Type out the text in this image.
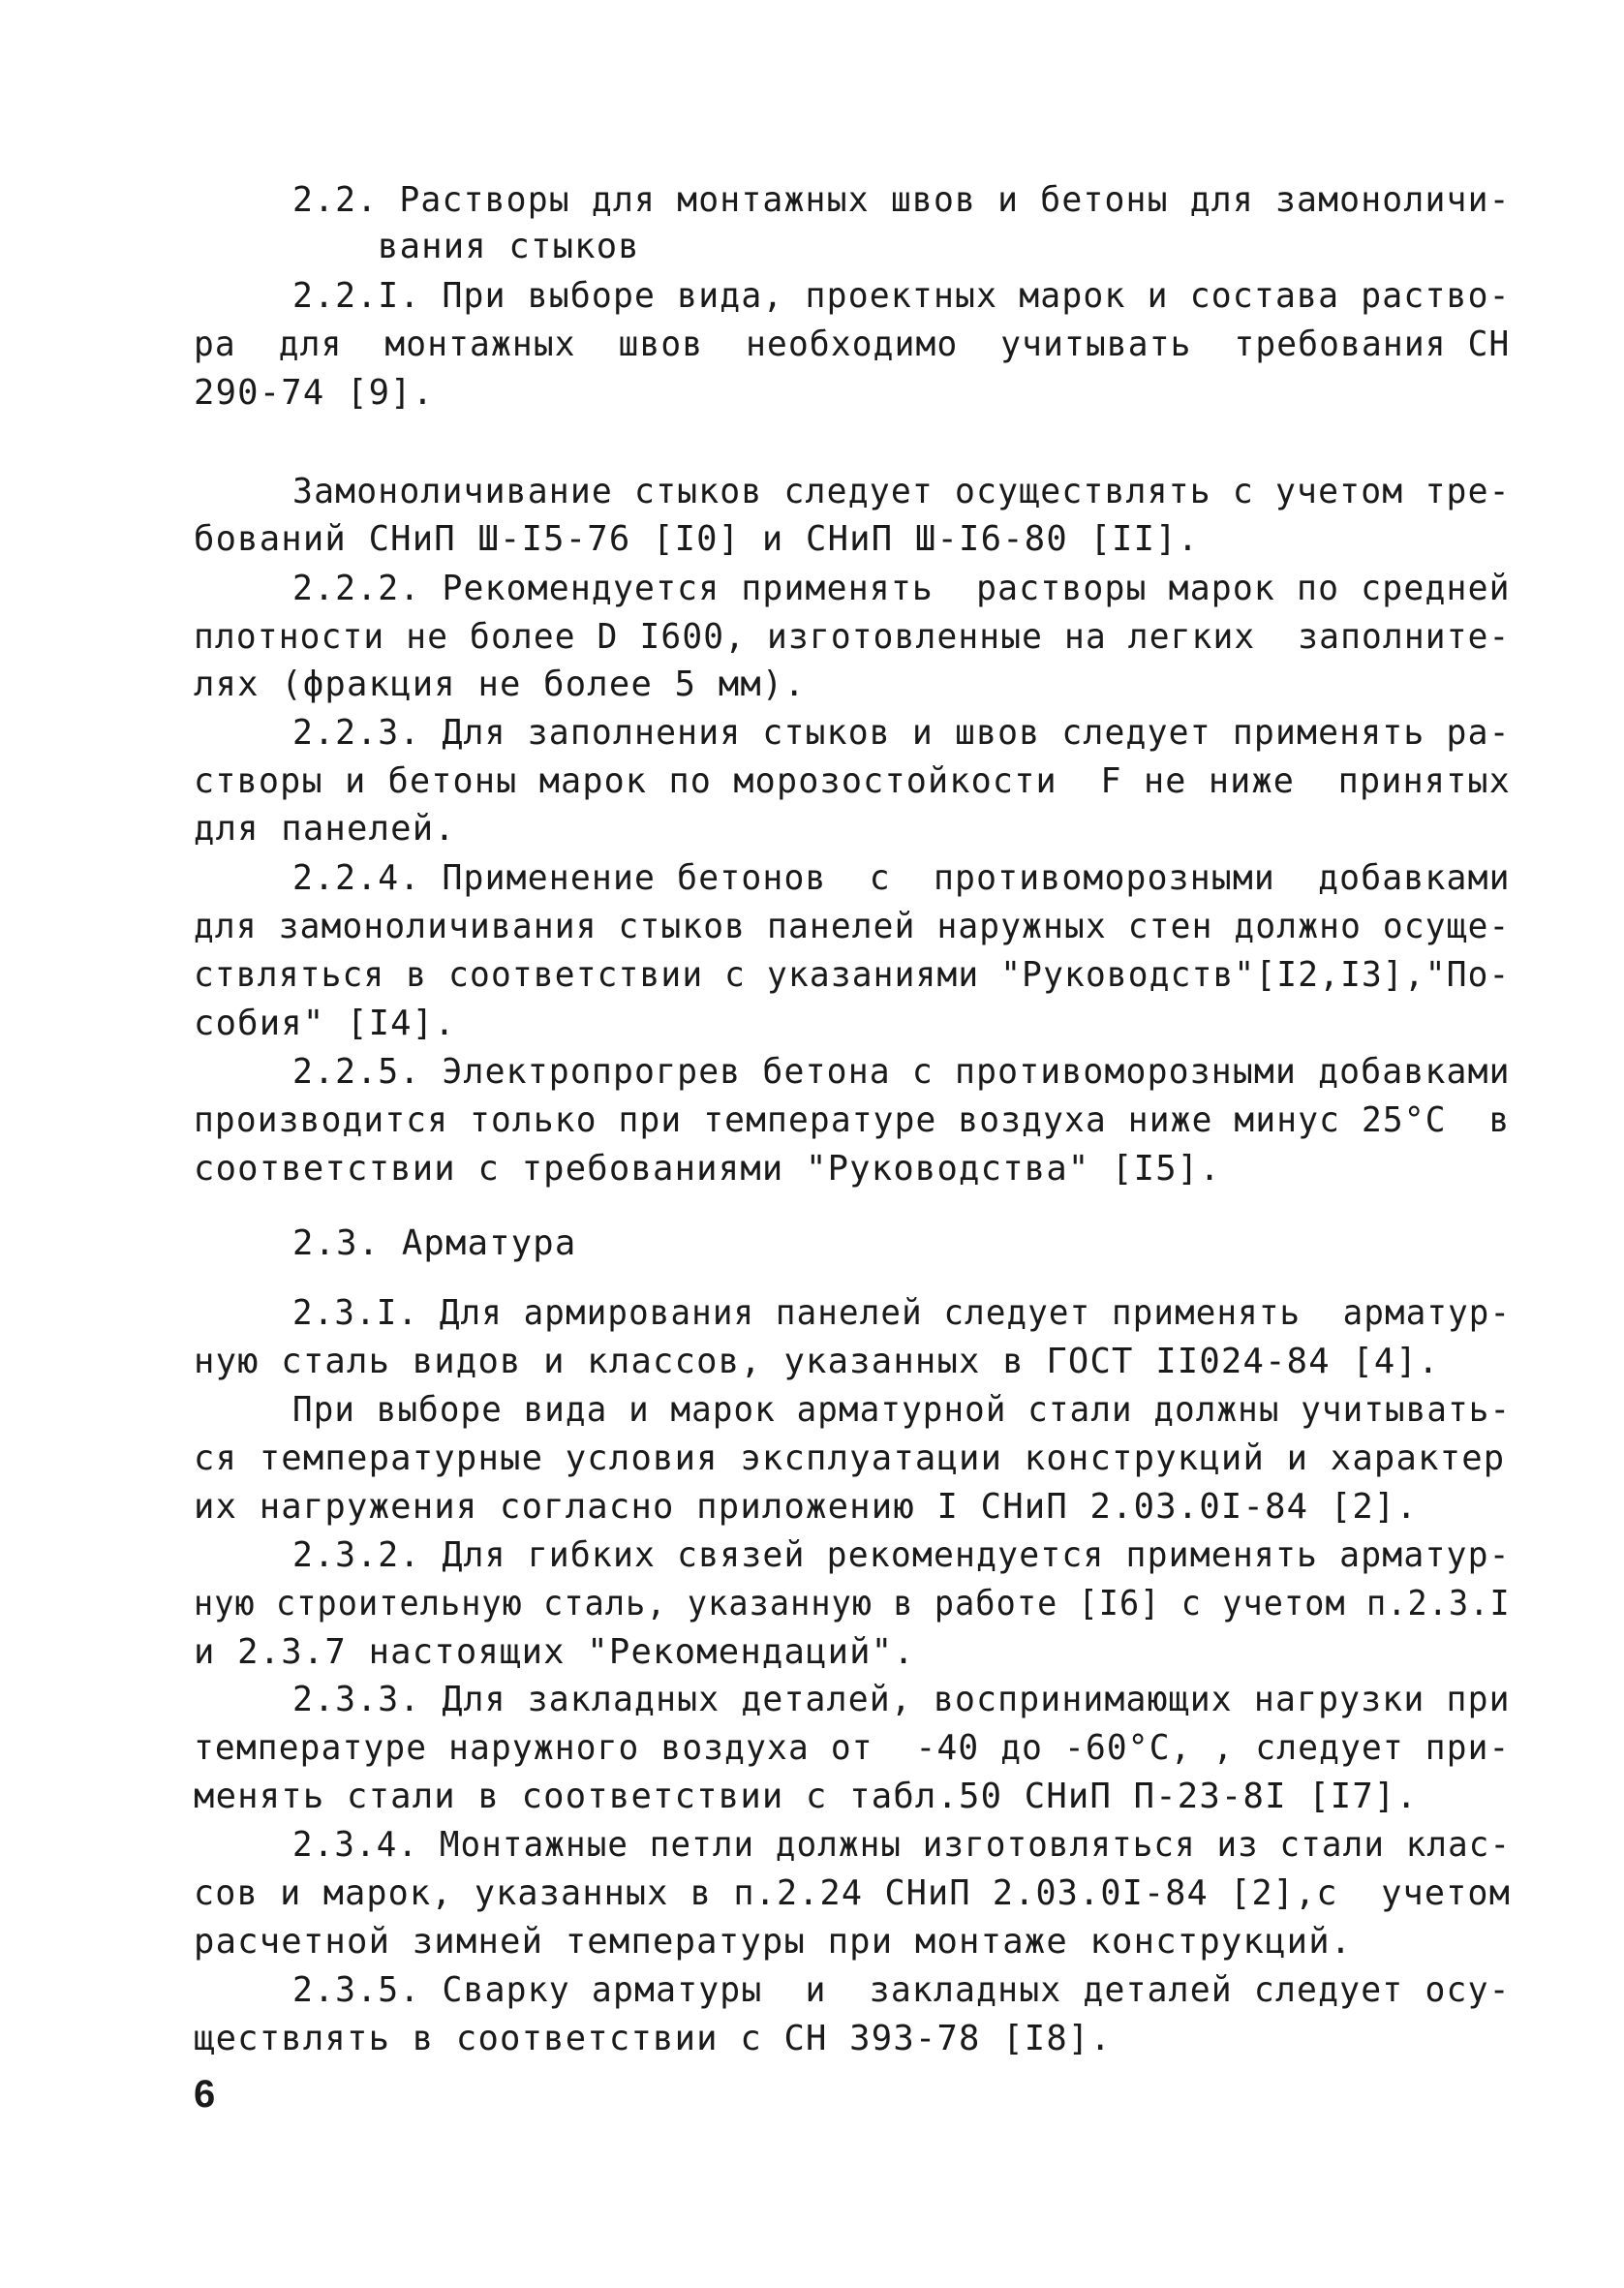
2.2. Растворы для монтажных швов и бетоны для замоноличи-
вания стыков
2.2.I. При выборе вида, проектных марок и состава раство-
ра  для  монтажных  швов  необходимо  учитывать  требования СН
290-74 [9].
Замоноличивание стыков следует осуществлять с учетом тре-
бований СНиП Ш-I5-76 [I0] и СНиП Ш-I6-80 [II].
2.2.2. Рекомендуется применять  растворы марок по средней
плотности не более D I600, изготовленные на легких  заполните-
лях (фракция не более 5 мм).
2.2.3. Для заполнения стыков и швов следует применять ра-
створы и бетоны марок по морозостойкости  F не ниже  принятых
для панелей.
2.2.4. Применение бетонов  с  противоморозными  добавками
для замоноличивания стыков панелей наружных стен должно осуще-
ствляться в соответствии с указаниями "Руководств"[I2,I3],"По-
собия" [I4].
2.2.5. Электропрогрев бетона с противоморозными добавками
производится только при температуре воздуха ниже минус 25°С  в
соответствии с требованиями "Руководства" [I5].
2.3. Арматура
2.3.I. Для армирования панелей следует применять  арматур-
ную сталь видов и классов, указанных в ГОСТ II024-84 [4].
При выборе вида и марок арматурной стали должны учитывать-
ся температурные условия эксплуатации конструкций и характер
их нагружения согласно приложению I СНиП 2.03.0I-84 [2].
2.3.2. Для гибких связей рекомендуется применять арматур-
ную строительную сталь, указанную в работе [I6] с учетом п.2.3.I
и 2.3.7 настоящих "Рекомендаций".
2.3.3. Для закладных деталей, воспринимающих нагрузки при
температуре наружного воздуха от  -40 до -60°С, , следует при-
менять стали в соответствии с табл.50 СНиП П-23-8I [I7].
2.3.4. Монтажные петли должны изготовляться из стали клас-
сов и марок, указанных в п.2.24 СНиП 2.03.0I-84 [2],с  учетом
расчетной зимней температуры при монтаже конструкций.
2.3.5. Сварку арматуры  и  закладных деталей следует осу-
ществлять в соответствии с СН 393-78 [I8].
6
